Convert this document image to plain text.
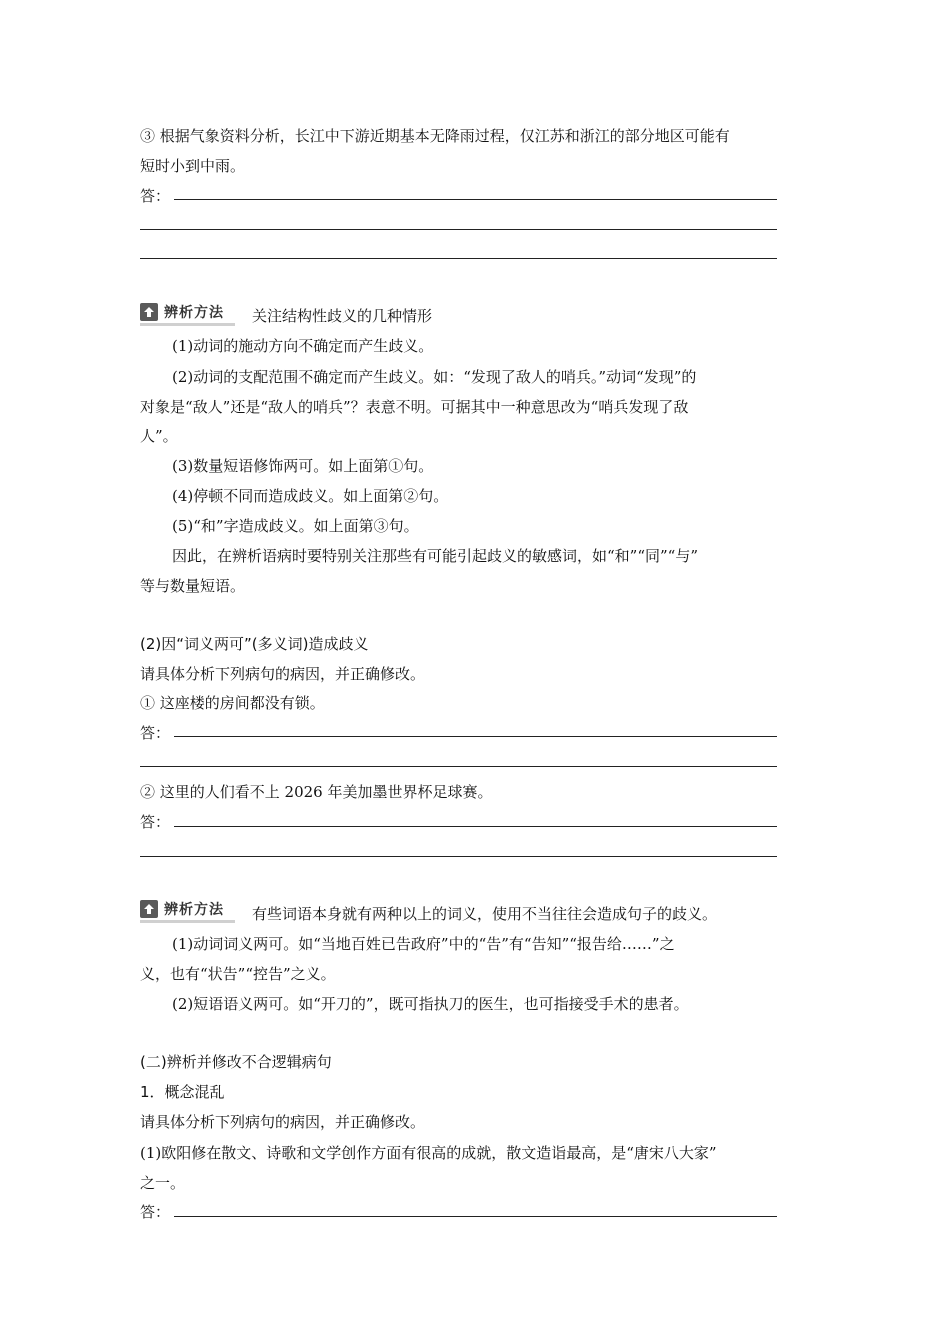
③ 根据气象资料分析，长江中下游近期基本无降雨过程，仅江苏和浙江的部分地区可能有
短时小到中雨。
答：
辨析方法 关注结构性歧义的几种情形
(1)动词的施动方向不确定而产生歧义。
(2)动词的支配范围不确定而产生歧义。如：“发现了敌人的哨兵。”动词“发现”的
对象是“敌人”还是“敌人的哨兵”？表意不明。可据其中一种意思改为“哨兵发现了敌
人”。
(3)数量短语修饰两可。如上面第①句。
(4)停顿不同而造成歧义。如上面第②句。
(5)“和”字造成歧义。如上面第③句。
因此，在辨析语病时要特别关注那些有可能引起歧义的敏感词，如“和”“同”“与”
等与数量短语。
(2)因“词义两可”(多义词)造成歧义
请具体分析下列病句的病因，并正确修改。
① 这座楼的房间都没有锁。
答：
② 这里的人们看不上 2026 年美加墨世界杯足球赛。
答：
辨析方法 有些词语本身就有两种以上的词义，使用不当往往会造成句子的歧义。
(1)动词词义两可。如“当地百姓已告政府”中的“告”有“告知”“报告给……”之
义，也有“状告”“控告”之义。
(2)短语语义两可。如“开刀的”，既可指执刀的医生，也可指接受手术的患者。
(二)辨析并修改不合逻辑病句
1．概念混乱
请具体分析下列病句的病因，并正确修改。
(1)欧阳修在散文、诗歌和文学创作方面有很高的成就，散文造诣最高，是“唐宋八大家”
之一。
答：
